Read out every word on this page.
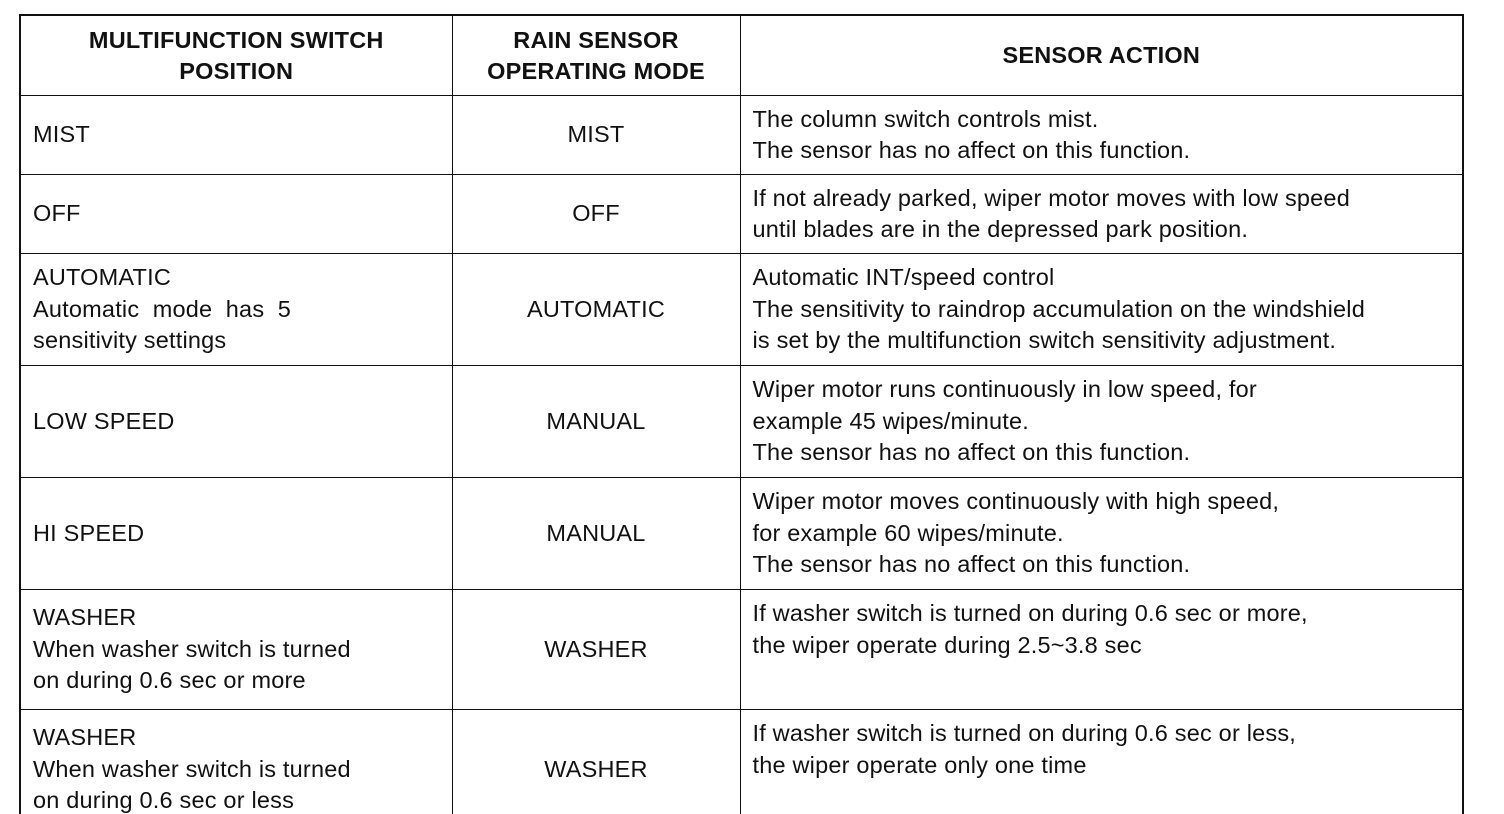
MULTIFUNCTION SWITCH
POSITION	RAIN SENSOR
OPERATING MODE	SENSOR ACTION

MIST	MIST	The column switch controls mist.
The sensor has no affect on this function.

OFF	OFF	If not already parked, wiper motor moves with low speed
until blades are in the depressed park position.

AUTOMATIC
Automatic  mode  has  5
sensitivity settings	AUTOMATIC	Automatic INT/speed control
The sensitivity to raindrop accumulation on the windshield
is set by the multifunction switch sensitivity adjustment.

LOW SPEED	MANUAL	Wiper motor runs continuously in low speed, for
example 45 wipes/minute.
The sensor has no affect on this function.

HI SPEED	MANUAL	Wiper motor moves continuously with high speed,
for example 60 wipes/minute.
The sensor has no affect on this function.

WASHER
When washer switch is turned
on during 0.6 sec or more	WASHER	If washer switch is turned on during 0.6 sec or more,
the wiper operate during 2.5~3.8 sec

WASHER
When washer switch is turned
on during 0.6 sec or less	WASHER	If washer switch is turned on during 0.6 sec or less,
the wiper operate only one time
